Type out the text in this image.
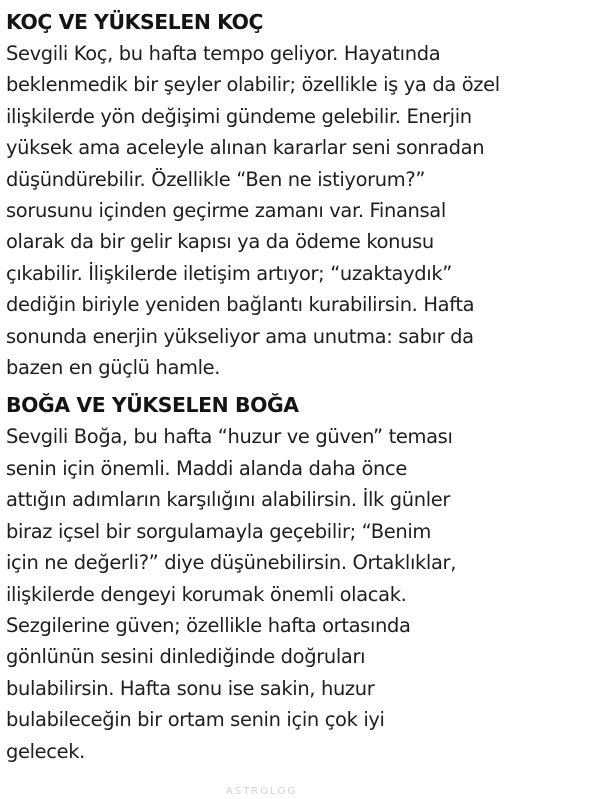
KOÇ VE YÜKSELEN KOÇ

Sevgili Koç, bu hafta tempo geliyor. Hayatında
beklenmedik bir şeyler olabilir; özellikle iş ya da özel
ilişkilerde yön değişimi gündeme gelebilir. Enerjin
yüksek ama aceleyle alınan kararlar seni sonradan
düşündürebilir. Özellikle “Ben ne istiyorum?”
sorusunu içinden geçirme zamanı var. Finansal
olarak da bir gelir kapısı ya da ödeme konusu
çıkabilir. İlişkilerde iletişim artıyor; “uzaktaydık”
dediğin biriyle yeniden bağlantı kurabilirsin. Hafta
sonunda enerjin yükseliyor ama unutma: sabır da
bazen en güçlü hamle.

BOĞA VE YÜKSELEN BOĞA

Sevgili Boğa, bu hafta “huzur ve güven” teması
senin için önemli. Maddi alanda daha önce
attığın adımların karşılığını alabilirsin. İlk günler
biraz içsel bir sorgulamayla geçebilir; “Benim
için ne değerli?” diye düşünebilirsin. Ortaklıklar,
ilişkilerde dengeyi korumak önemli olacak.
Sezgilerine güven; özellikle hafta ortasında
gönlünün sesini dinlediğinde doğruları
bulabilirsin. Hafta sonu ise sakin, huzur
bulabileceğin bir ortam senin için çok iyi
gelecek.

ASTROLOG
